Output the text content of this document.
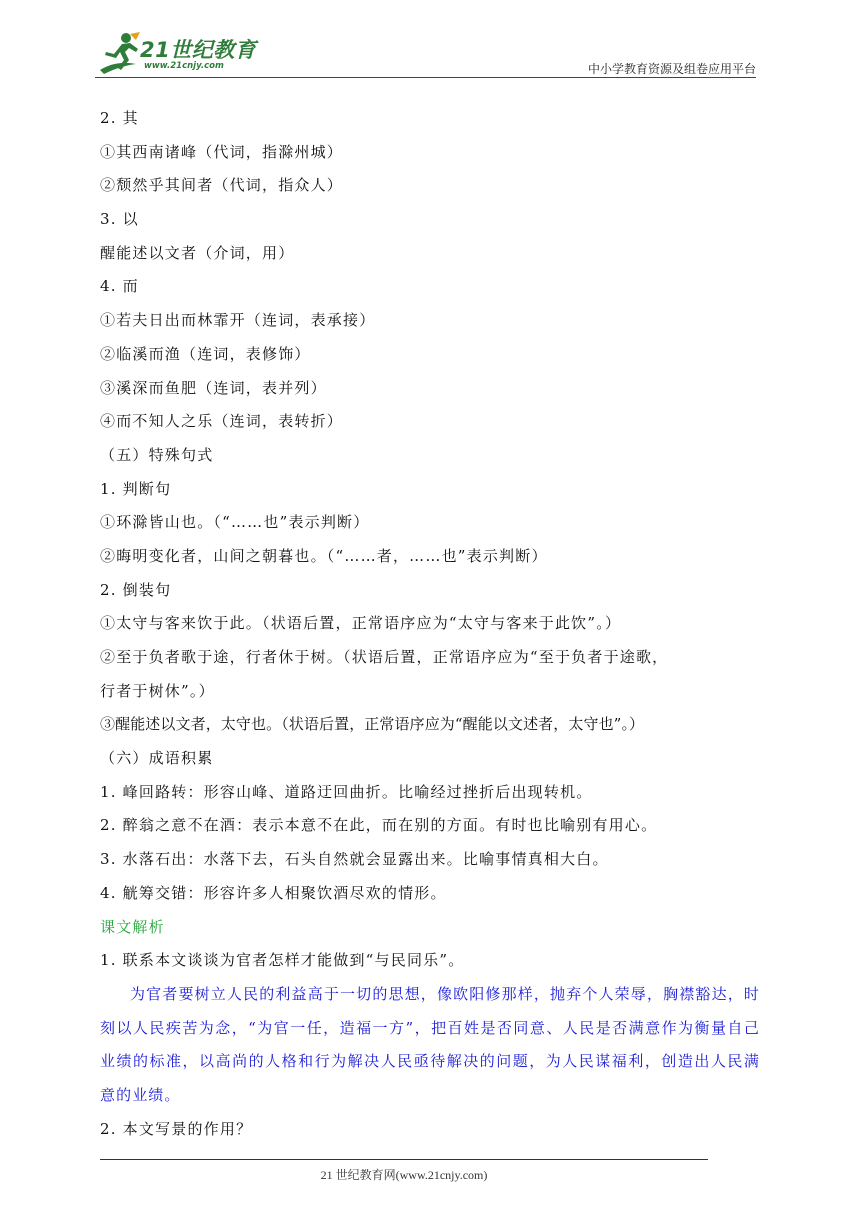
21世纪教育
www.21cnjy.com	中小学教育资源及组卷应用平台
2. 其
①其西南诸峰（代词，指滁州城）
②颓然乎其间者（代词，指众人）
3. 以
醒能述以文者（介词，用）
4. 而
①若夫日出而林霏开（连词，表承接）
②临溪而渔（连词，表修饰）
③溪深而鱼肥（连词，表并列）
④而不知人之乐（连词，表转折）
（五）特殊句式
1. 判断句
①环滁皆山也。（“……也”表示判断）
②晦明变化者，山间之朝暮也。（“……者，……也”表示判断）
2. 倒装句
①太守与客来饮于此。（状语后置，正常语序应为“太守与客来于此饮”。）
②至于负者歌于途，行者休于树。（状语后置，正常语序应为“至于负者于途歌，
行者于树休”。）
③醒能述以文者，太守也。（状语后置，正常语序应为“醒能以文述者，太守也”。）
（六）成语积累
1. 峰回路转：形容山峰、道路迂回曲折。比喻经过挫折后出现转机。
2. 醉翁之意不在酒：表示本意不在此，而在别的方面。有时也比喻别有用心。
3. 水落石出：水落下去，石头自然就会显露出来。比喻事情真相大白。
4. 觥筹交错：形容许多人相聚饮酒尽欢的情形。
课文解析
1. 联系本文谈谈为官者怎样才能做到“与民同乐”。
为官者要树立人民的利益高于一切的思想，像欧阳修那样，抛弃个人荣辱，胸襟豁达，时刻以人民疾苦为念，“为官一任，造福一方”，把百姓是否同意、人民是否满意作为衡量自己业绩的标准，以高尚的人格和行为解决人民亟待解决的问题，为人民谋福利，创造出人民满意的业绩。
2. 本文写景的作用？
21 世纪教育网(www.21cnjy.com)
